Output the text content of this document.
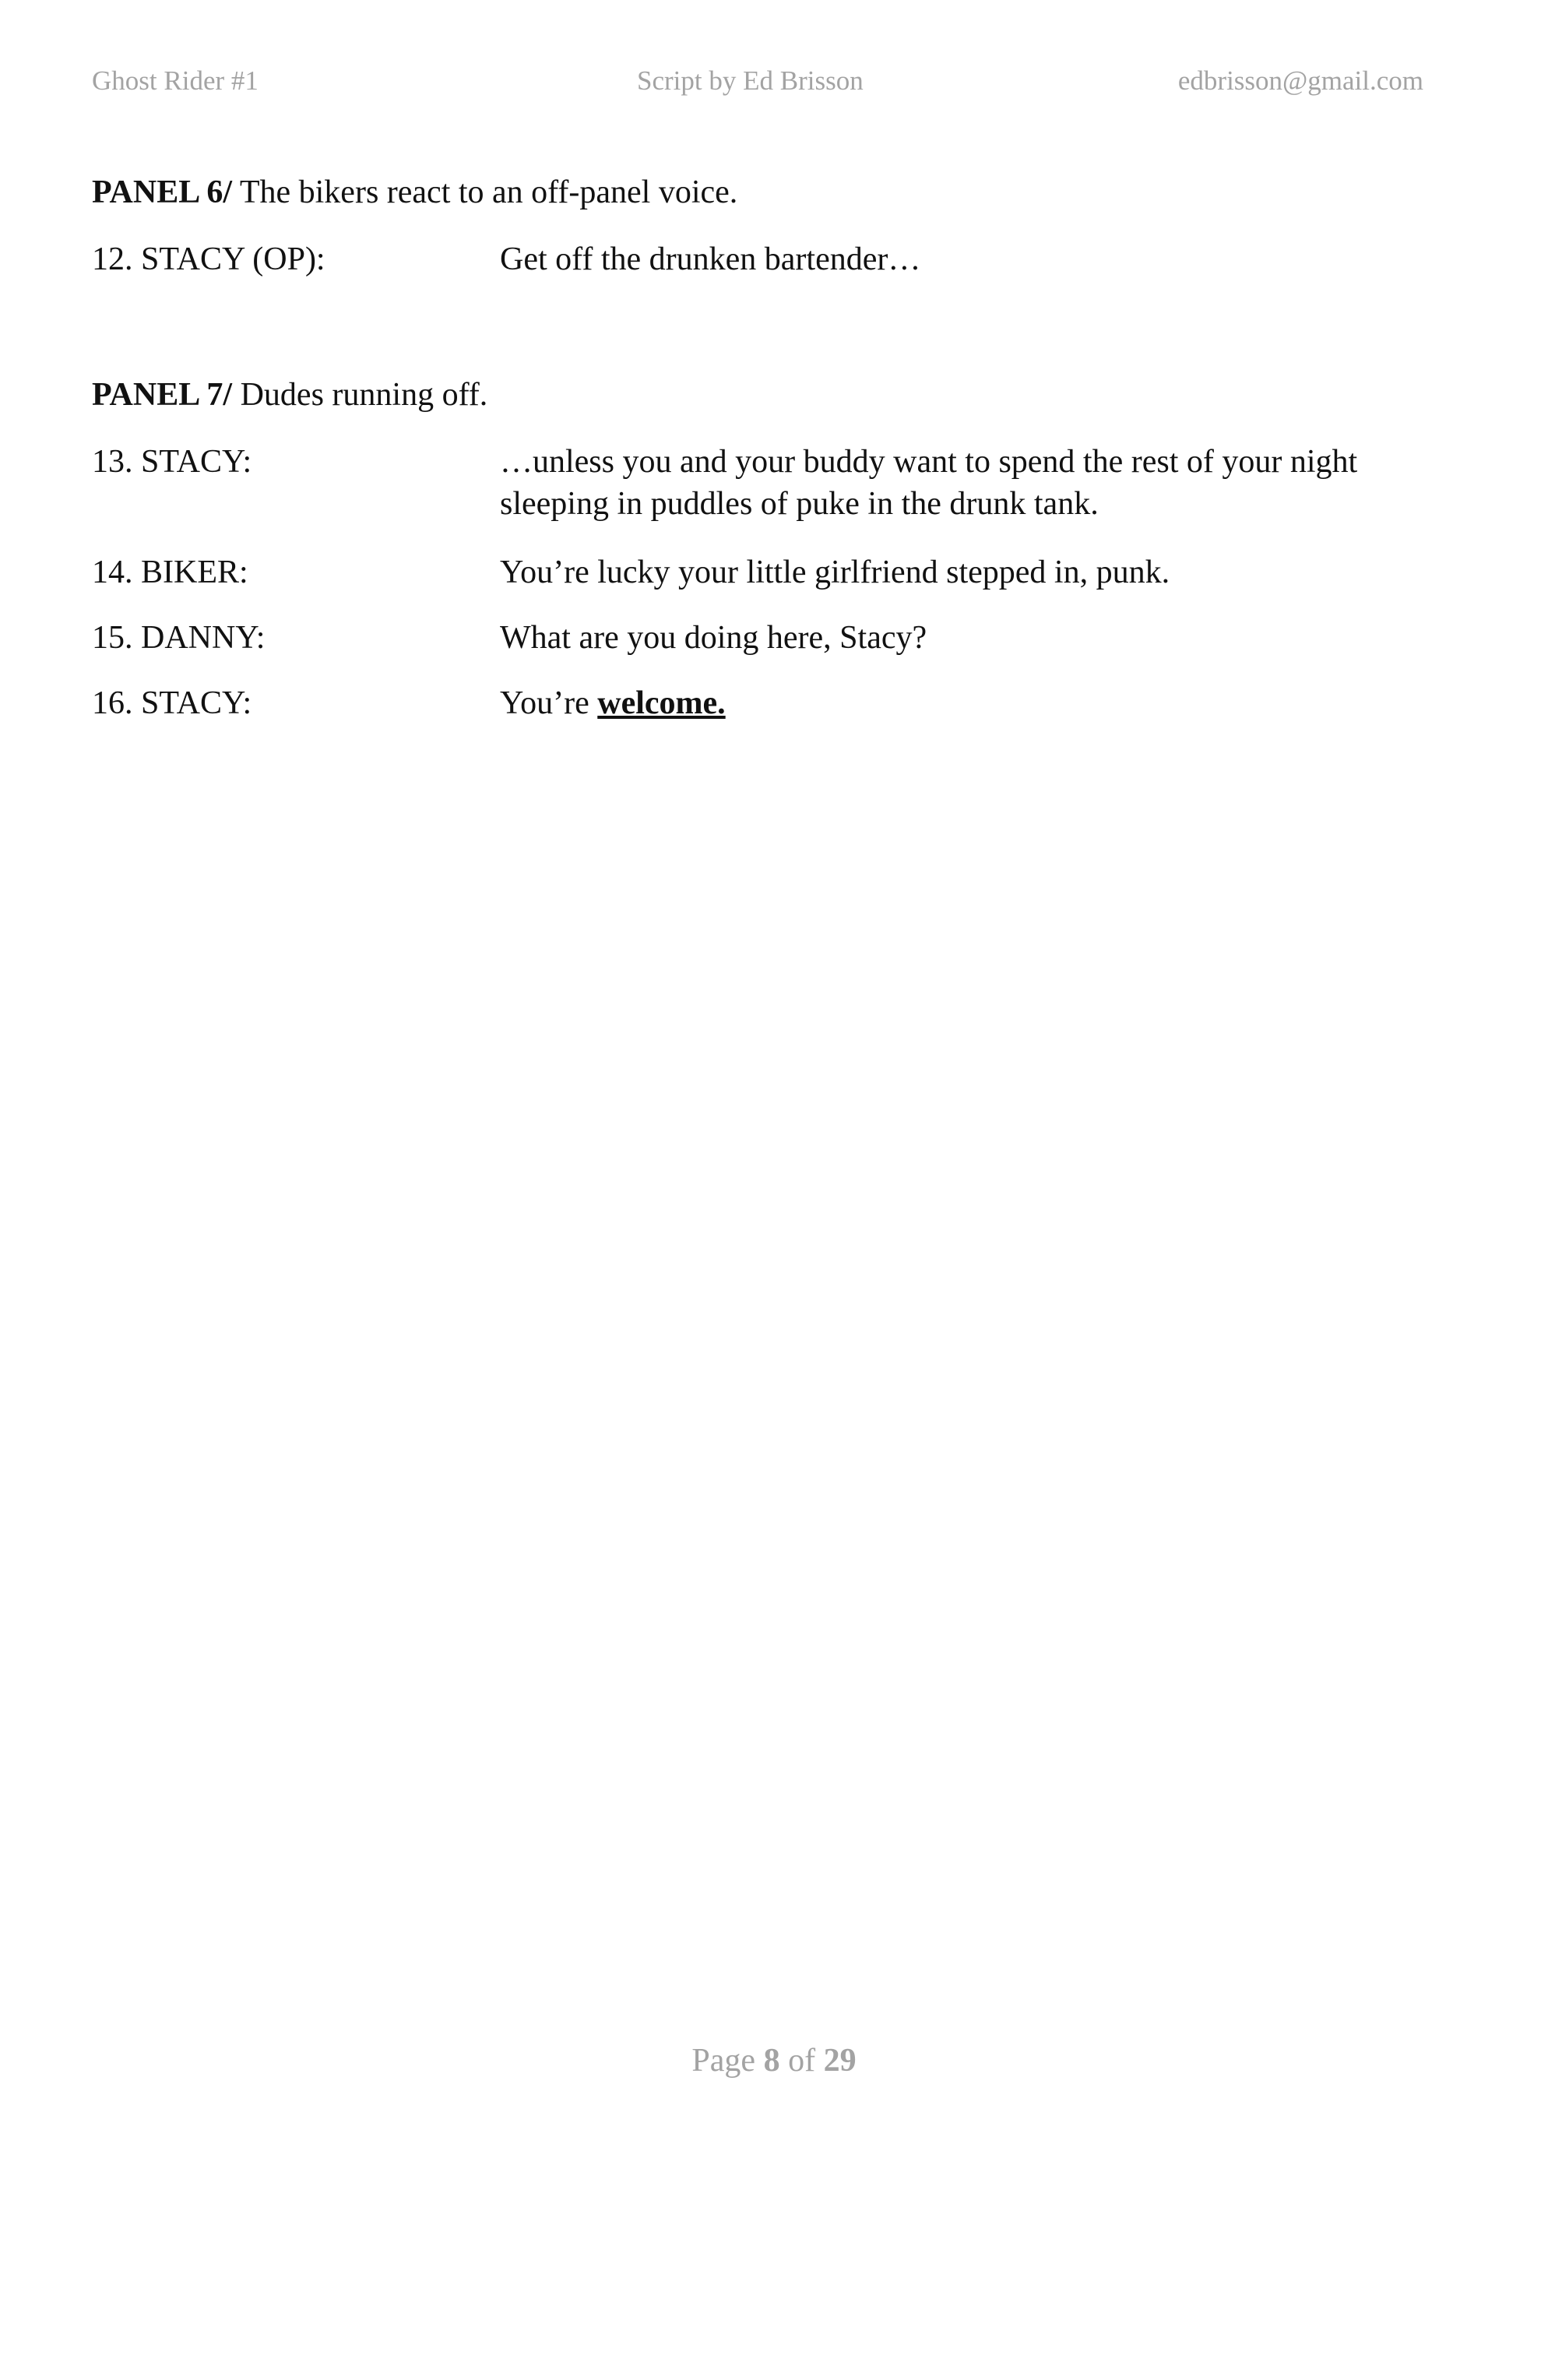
Ghost Rider #1	Script by Ed Brisson	edbrisson@gmail.com
PANEL 6/ The bikers react to an off-panel voice.
12. STACY (OP):	Get off the drunken bartender…
PANEL 7/ Dudes running off.
13. STACY:	…unless you and your buddy want to spend the rest of your night sleeping in puddles of puke in the drunk tank.
14. BIKER:	You’re lucky your little girlfriend stepped in, punk.
15. DANNY:	What are you doing here, Stacy?
16. STACY:	You’re welcome.
Page 8 of 29
